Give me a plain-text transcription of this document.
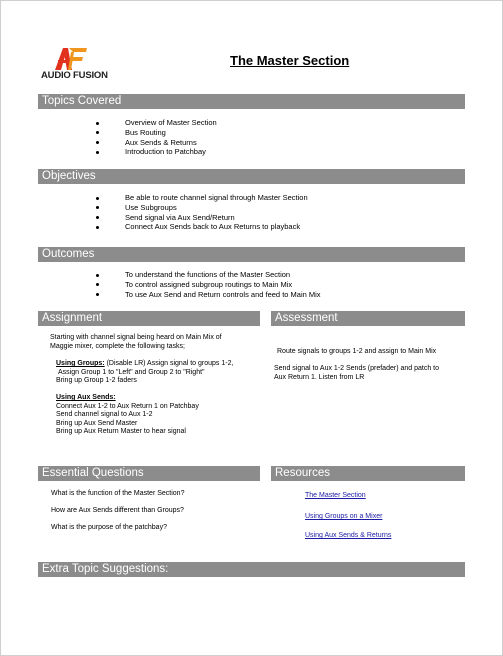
AUDIO FUSION
The Master Section
Topics Covered
Overview of Master Section
Bus Routing
Aux Sends & Returns
Introduction to Patchbay
Objectives
Be able to route channel signal through Master Section
Use Subgroups
Send signal via Aux Send/Return
Connect Aux Sends back to Aux Returns to playback
Outcomes
To understand the functions of the Master Section
To control assigned subgroup routings to Main Mix
To use Aux Send and Return controls and feed to Main Mix
Assignment
Starting with channel signal being heard on Main Mix of
Maggie mixer, complete the following tasks;
Using Groups: (Disable LR) Assign signal to groups 1-2,
Assign Group 1 to "Left" and Group 2 to "Right"
Bring up Group 1-2 faders
Using Aux Sends:
Connect Aux 1-2 to Aux Return 1 on Patchbay
Send channel signal to Aux 1-2
Bring up Aux Send Master
Bring up Aux Return Master to hear signal
Assessment
Route signals to groups 1-2 and assign to Main Mix
Send signal to Aux 1-2 Sends (prefader) and patch to
Aux Return 1. Listen from LR
Essential Questions
What is the function of the Master Section?
How are Aux Sends different than Groups?
What is the purpose of the patchbay?
Resources
The Master Section
Using Groups on a Mixer
Using Aux Sends & Returns
Extra Topic Suggestions:
